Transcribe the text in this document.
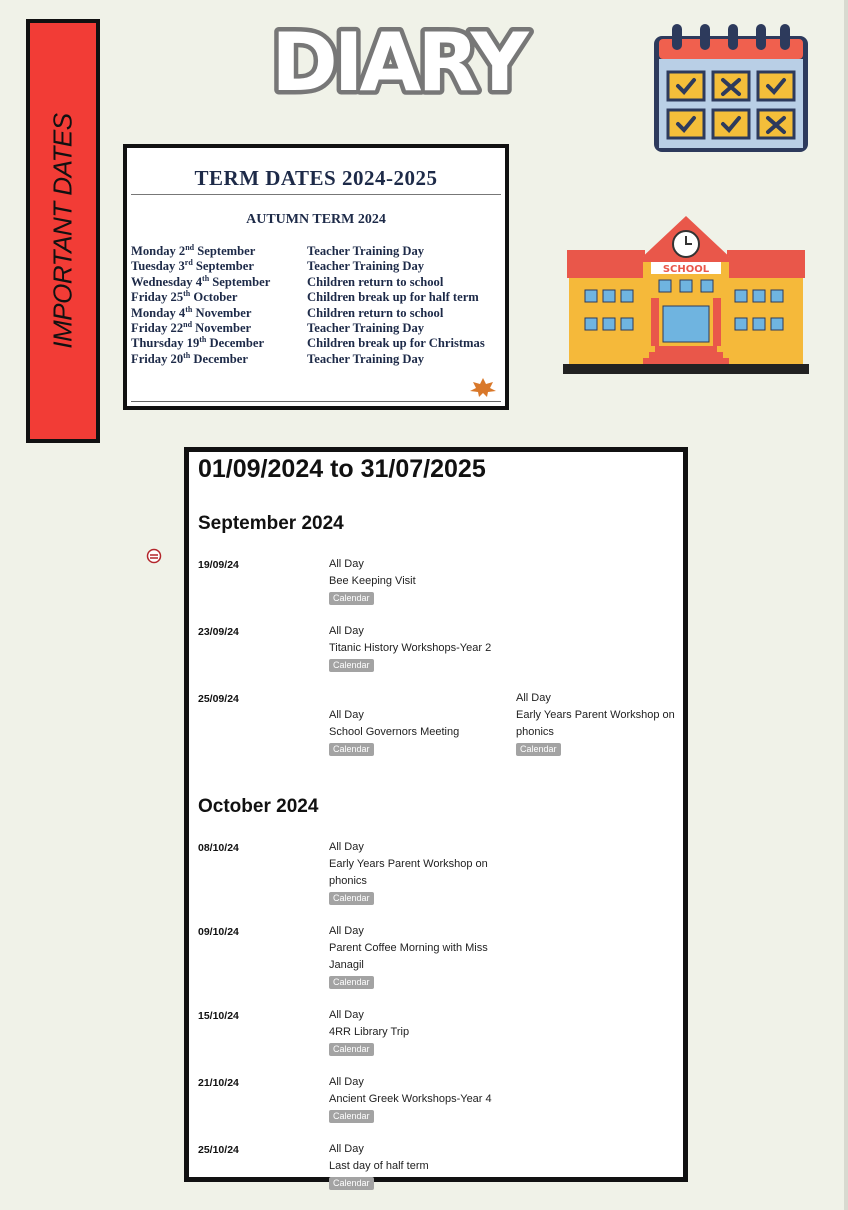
IMPORTANT DATES
DIARY
SCHOOL
TERM DATES 2024-2025
AUTUMN TERM 2024
Monday 2nd September	Teacher Training Day
Tuesday 3rd September	Teacher Training Day
Wednesday 4th September	Children return to school
Friday 25th October	Children break up for half term
Monday 4th November	Children return to school
Friday 22nd November	Teacher Training Day
Thursday 19th December	Children break up for Christmas
Friday 20th December	Teacher Training Day
01/09/2024 to 31/07/2025
September 2024
19/09/24	All Day
Bee Keeping Visit
Calendar
23/09/24	All Day
Titanic History Workshops-Year 2
Calendar
25/09/24
All Day
School Governors Meeting
Calendar
All Day
Early Years Parent Workshop on phonics
Calendar
October 2024
08/10/24	All Day
Early Years Parent Workshop on phonics
Calendar
09/10/24	All Day
Parent Coffee Morning with Miss Janagil
Calendar
15/10/24	All Day
4RR Library Trip
Calendar
21/10/24	All Day
Ancient Greek Workshops-Year 4
Calendar
25/10/24	All Day
Last day of half term
Calendar
